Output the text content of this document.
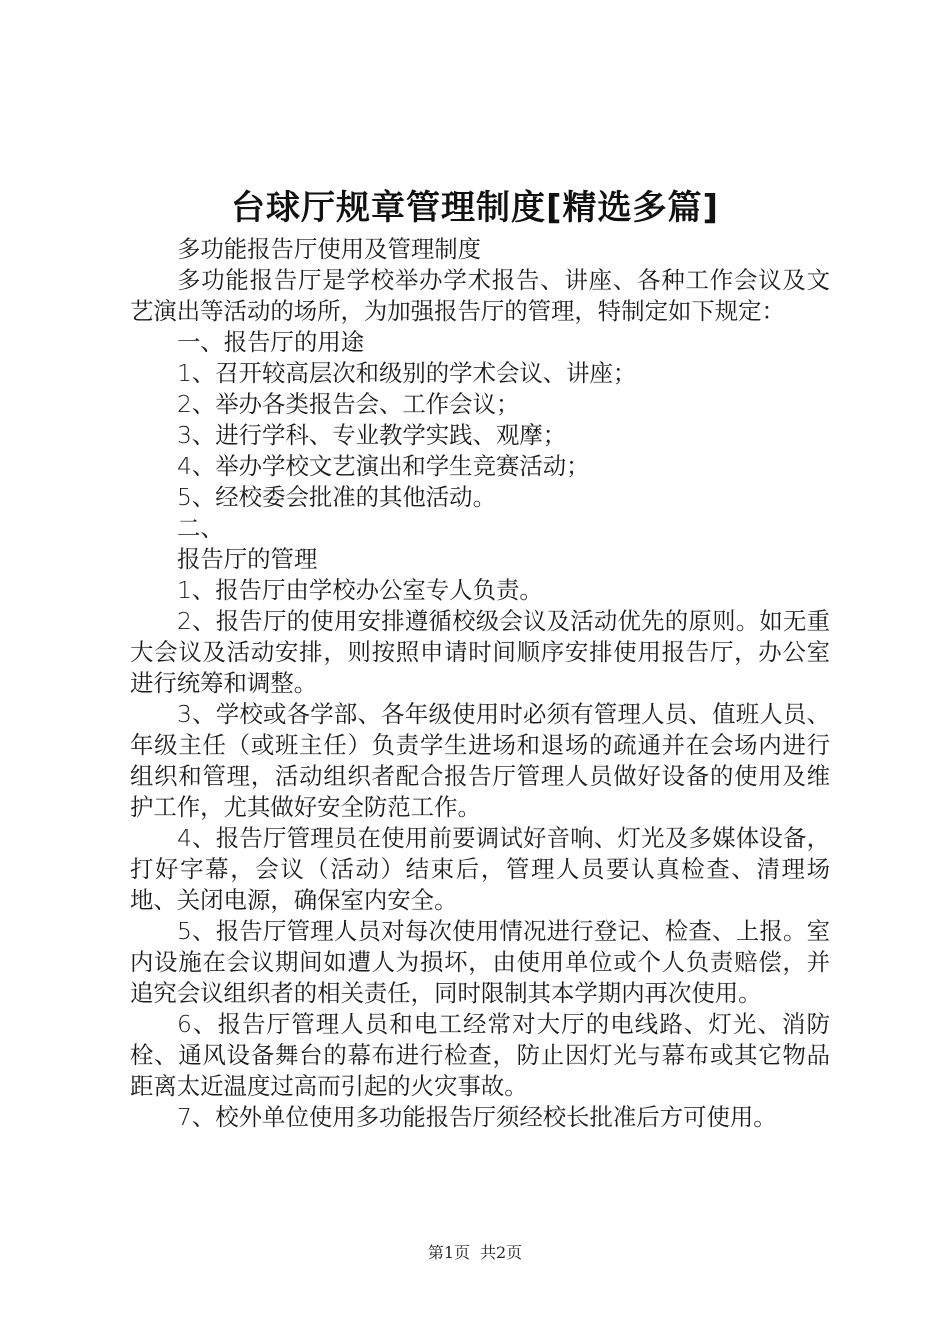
台球厅规章管理制度[精选多篇]

多功能报告厅使用及管理制度

多功能报告厅是学校举办学术报告、讲座、各种工作会议及文艺演出等活动的场所，为加强报告厅的管理，特制定如下规定：

一、报告厅的用途

1、召开较高层次和级别的学术会议、讲座；

2、举办各类报告会、工作会议；

3、进行学科、专业教学实践、观摩；

4、举办学校文艺演出和学生竞赛活动；

5、经校委会批准的其他活动。

二、

报告厅的管理

1、报告厅由学校办公室专人负责。

2、报告厅的使用安排遵循校级会议及活动优先的原则。如无重大会议及活动安排，则按照申请时间顺序安排使用报告厅，办公室进行统筹和调整。

3、学校或各学部、各年级使用时必须有管理人员、值班人员、年级主任（或班主任）负责学生进场和退场的疏通并在会场内进行组织和管理，活动组织者配合报告厅管理人员做好设备的使用及维护工作，尤其做好安全防范工作。

4、报告厅管理员在使用前要调试好音响、灯光及多媒体设备，打好字幕，会议（活动）结束后，管理人员要认真检查、清理场地、关闭电源，确保室内安全。

5、报告厅管理人员对每次使用情况进行登记、检查、上报。室内设施在会议期间如遭人为损坏，由使用单位或个人负责赔偿，并追究会议组织者的相关责任，同时限制其本学期内再次使用。

6、报告厅管理人员和电工经常对大厅的电线路、灯光、消防栓、通风设备舞台的幕布进行检查，防止因灯光与幕布或其它物品距离太近温度过高而引起的火灾事故。

7、校外单位使用多功能报告厅须经校长批准后方可使用。

第1页 共2页
